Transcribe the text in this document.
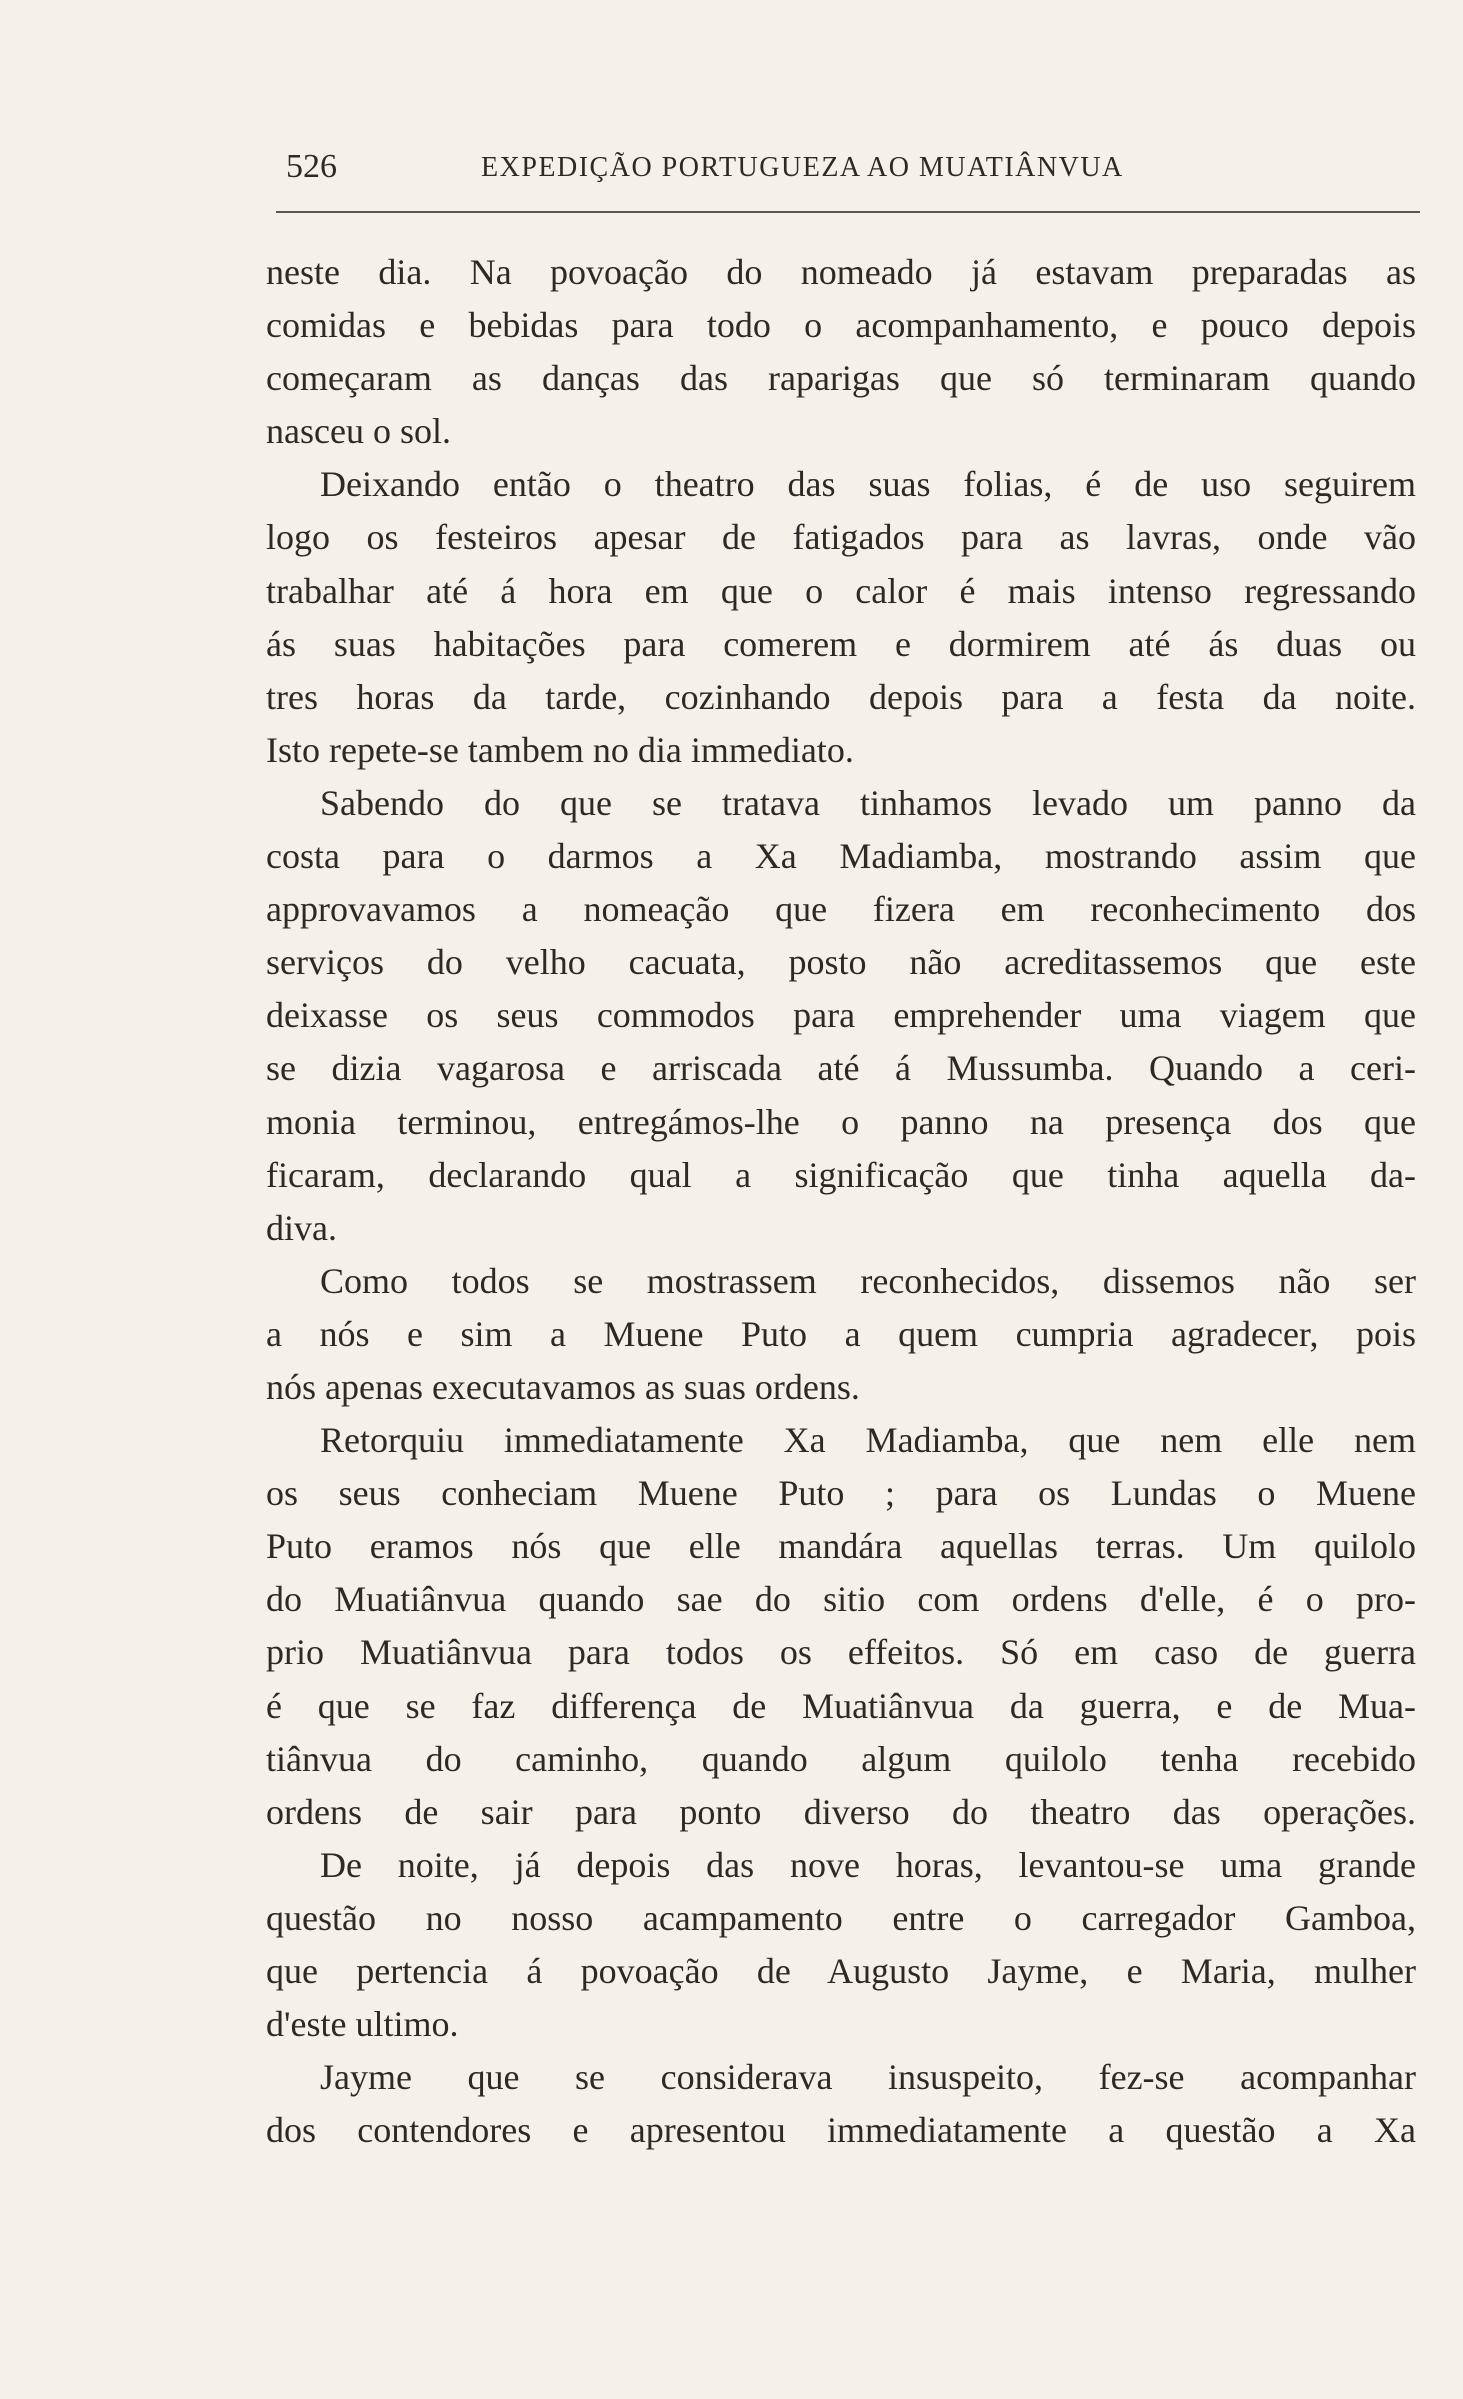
526	EXPEDIÇÃO PORTUGUEZA AO MUATIÂNVUA
neste dia. Na povoação do nomeado já estavam preparadas as
comidas e bebidas para todo o acompanhamento, e pouco depois
começaram as danças das raparigas que só terminaram quando
nasceu o sol.
Deixando então o theatro das suas folias, é de uso seguirem
logo os festeiros apesar de fatigados para as lavras, onde vão
trabalhar até á hora em que o calor é mais intenso regressando
ás suas habitações para comerem e dormirem até ás duas ou
tres horas da tarde, cozinhando depois para a festa da noite.
Isto repete-se tambem no dia immediato.
Sabendo do que se tratava tinhamos levado um panno da
costa para o darmos a Xa Madiamba, mostrando assim que
approvavamos a nomeação que fizera em reconhecimento dos
serviços do velho cacuata, posto não acreditassemos que este
deixasse os seus commodos para emprehender uma viagem que
se dizia vagarosa e arriscada até á Mussumba. Quando a ceri-
monia terminou, entregámos-lhe o panno na presença dos que
ficaram, declarando qual a significação que tinha aquella da-
diva.
Como todos se mostrassem reconhecidos, dissemos não ser
a nós e sim a Muene Puto a quem cumpria agradecer, pois
nós apenas executavamos as suas ordens.
Retorquiu immediatamente Xa Madiamba, que nem elle nem
os seus conheciam Muene Puto ; para os Lundas o Muene
Puto eramos nós que elle mandára aquellas terras. Um quilolo
do Muatiânvua quando sae do sitio com ordens d'elle, é o pro-
prio Muatiânvua para todos os effeitos. Só em caso de guerra
é que se faz differença de Muatiânvua da guerra, e de Mua-
tiânvua do caminho, quando algum quilolo tenha recebido
ordens de sair para ponto diverso do theatro das operações.
De noite, já depois das nove horas, levantou-se uma grande
questão no nosso acampamento entre o carregador Gamboa,
que pertencia á povoação de Augusto Jayme, e Maria, mulher
d'este ultimo.
Jayme que se considerava insuspeito, fez-se acompanhar
dos contendores e apresentou immediatamente a questão a Xa
